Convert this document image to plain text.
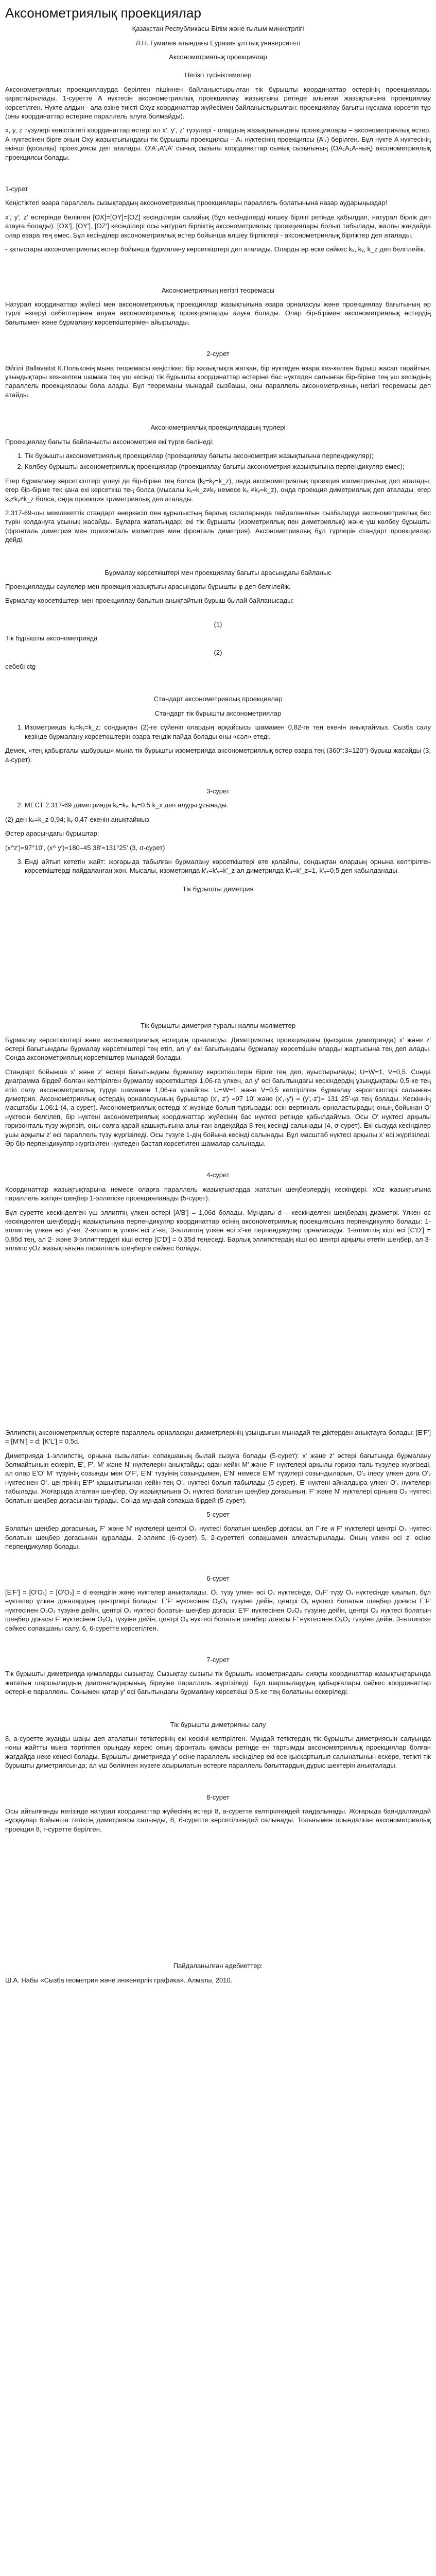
Аксонометриялық проекциялар

Қазақстан Республикасы Білім және ғылым министрлігі

Л.Н. Гумилев атындағы Еуразия ұлттық университеті

Аксонометриялық проекциялар

Негізгі түсініктемелер

Аксонометриялық проекциялаурда берілген пішіннен байланыстырылған тік бұрышты координаттар өстерінің проекциялары қарастырылады. 1-суретте A нүктесін аксонометриялық проекциялау жазықтығы ретінде алынған жазықтығына проекциялау көрсетілген. Нүкте алдын - ала өзіне тиісті Oxyz координаттар жүйесімен байланыстырылған: проекциялау бағыты нұсқама көрсетіп тұр (оны координаттар өстеріне параллель алуға болмайды).

x, y, z түзулері кеңістіктегі координаттар өстері ал x', y', z' түзулері - олардың жазықтығындағы проекциялары – аксонометриялық өстер. A нүктесінен бірге оның Oxy жазықтығындағы тік бұрышты проекциясы – A₁ нүктесінің проекциясы (A'₁) берілген. Бұл нүкте A нүктесінің екінші (қосалқы) проекциясы деп аталады. O'A'₁A'₁A' сынық сызығы координаттар сынық сызығының (OA₁A₁A-ның) аксонометриялық проекциясы болады.

1-сурет

Кеңістіктегі өзара параллель сызықтардың аксонометриялық проекциялары параллель болатынына назар аударыңыздар!

x', y', z' өстерінде бөлінген [OX]=[OY]=[OZ] кесінділерін салайық (бұл кесінділерді өлшеу бірлігі ретінде қабылдап, натурал бірлік деп атауға болады). [OX'], [OY'], [OZ'] кесінділері осы натурал бірліктің аксонометриялық проекциялары болып табылады, жалпы жағдайда олар өзара тең емес. Бұл кесінділер аксонометриялық өстер бойынша өлшеу бірліктері - аксонометриялық бірліктер деп аталады.

- қатыстары аксонометриялық өстер бойынша бұрмалану көрсеткіштері деп аталады. Оларды әр өске сәйкес kₓ, kᵧ, k_z деп белгілейік.

Аксонометрияның негізгі теоремасы

Натурал координаттар жүйесі мен аксонометриялық проекциялар жазықтығына өзара орналасуы және проекциялау бағытының әр түрлі өзгеруі себептерінен алуан аксонометриялық проекцияларды алуға болады. Олар бір-бірімен аксонометриялық өстердің бағытымен және бұрмалану көрсеткіштерімен айырылады.

2-сурет

Әйгілі Ballavaitst К.Польконің мына теоремасы кеңістікке: бір жазықтықта жатқан, бір нүктеден өзара кез-келген бұрыш жасап тарайтын, ұзындықтары кез-келген шамаға тең үш кесінді тік бұрышты координаттар өстеріне бас нүктеден салынған бір-біріне тең үш кесіндінің параллель проекциялары бола алады. Бұл теореманы мынадай сызбашы, оны параллель аксонометрияның негізгі теоремасы деп атайды.

Аксонометриялық проекциялардың түрлері

Проекциялау бағыты байланысты аксонометрия екі түрге бөлінеді:

1. Тік бұрышты аксонометриялық проекциялар (проекциялау бағыты аксонометрия жазықтығына перпендикуляр);
2. Көлбеу бұрышты аксонометриялық проекциялар (проекциялау бағыты аксонометрия жазықтығына перпендикуляр емес);

Егер бұрмалану көрсеткіштері үшеуі де бір-біріне тең болса (kₓ=kᵧ=k_z), онда аксонометриялық проекция изометриялық деп аталады; егер бір-біріне тек қана екі көрсеткіш тең болса (мысалы kₓ=k_z≠kᵧ немесе kₓ ≠kᵧ=k_z), онда проекция диметриялық деп аталады, егер kₓ≠kᵧ≠k_z болса, онда проекция триметриялық деп аталады.

2.317-69-шы мемлекеттік стандарт өнеркәсіп пен құрылыстың барлық салаларында пайдаланатын сызбаларда аксонометриялық бес түрін қолдануға ұсынық жасайды. Бұларға жататындар: екі тік бұрышты (изометриялық пен диметриялық) және үш көлбеу бұрышты (фронталь диметрия мен горизонталь изометрия мен фронталь диметрия). Аксонометриялық бұл түрлерін стандарт проекциялар дейді.

Бұрмалау көрсеткіштері мен проекциялау бағыты арасындағы байланыс

Проекциялауды сәулелер мен проекция жазықтығы арасындағы бұрышты φ деп белгілейік.

Бұрмалау көрсеткіштері мен проекциялау бағытын анықтайтын бұрыш былай байланысады:

(1)

Тік бұрышты аксонометрияда

(2)

себебі ctg

Стандарт аксонометриялық проекциялар
Стандарт тік бұрышты аксонометриялар
1. Изометрияда kₓ=kᵧ=k_z; сондықтан (2)-ге сүйеніп олардың әрқайсысы шамамен 0,82-ге тең екенін анықтаймыз. Сызба салу кезінде бұрмалану көрсеткіштерін өзара теңдік пайда болады оны «сәл» етеді.

Демек, «тең қабырғалы ұшбұрыш» мына тік бұрышты изометрияда аксонометриялық өстер өзара тең (360°:3=120°) бұрыш жасайды (3, а-сурет).

3-сурет

2. МЕСТ 2.317-69 диметрияда kₓ=kᵧ, kᵧ=0.5 k_x деп алуды ұсынады.

(2)-ден kₓ=k_z 0,94; kᵧ 0,47-екенін анықтаймыз.

Өстер арасындағы бұрыштар:

(x^z')=97°10', (x^ y')=180–45 38'=131°25' (3, σ-сурет)

3. Енді айтып кететін жайт: жоғарыда табылған бұрмалану көрсеткіштері өте қолайлы, сондықтан олардың орнына келтірілген көрсеткіштерді пайдаланған жөн. Мысалы, изометрияда k'ₓ=k'ᵧ=k'_z ал диметрияда k'ₓ=k'_z=1, k'ᵧ=0,5 деп қабылданады.
Тік бұрышты диметрия
Тік бұрышты диметрия туралы жалпы мәліметтер

Бұрмалау көрсеткіштері және аксонометриялық өстердің орналасуы. Диметриялық проекциядағы (қысқаша диметрияда) x' және z' өстері бағытындағы бұрмалау көрсеткіштері тең етіп, ал y' екі бағытындағы бұрмалау көрсеткішін оларды жартысына тең деп алады. Сонда аксонометриялық көрсеткіштер мынадай болады.

Стандарт бойынша x' және z' өстері бағытындағы бұрмалау көрсеткіштерін біріге тең деп, ауыстырылады; U=W=1, V=0,5. Сонда диаграмма бірдей болған келтірілген бұрмалау көрсеткіштері 1,06-ға үлкен, ал y' өсі бағытындағы кескіндердің ұзындықтары 0,5-ке тең етіп салу аксонометриялық түрде шамамен 1,06-ға үлкейген. U=W=1 және V=0,5 келтірілген бұрмалау көрсеткіштері салынған диметрия. Аксонометриялық өстердің орналасуының бұрыштар (x', z') =97 10' және (x',-y') = (y',-z')= 131 25'-қа тең болады. Кескіннің масштабы 1.06:1 (4, а-сурет). Аксонометриялық өстерді x' жүзінде болып тұрғызады: өсін вертикаль орналастырады; оның бойынан O' нүктесін белгілеп, бір нүктені аксонометриялық координаттар жүйесінің бас нүктесі ретінде қабылдаймыз. Осы O' нүктесі арқылы горизонталь түзу жүргізіп, оны солға қарай қашықтығына алынған әлдеқайда 8 тең кесінді салынады (4, σ-сурет). Екі сызуда кесінділер ұшы арқылы z' өсі параллель түзу жүргізіледі. Осы түзуге 1-дің бойына кесінді салынады. Бұл масштаб нүктесі арқылы x' өсі жүргізіледі. Әр бір перпендикуляр жүргізілген нүктеден бастап көрсетілген шамалар салынады.

4-сурет

Координаттар жазықтықтарына немесе оларға параллель жазықтықтарда жататын шеңберлердің кескіндері. xOz жазықтығына параллель жатқан шеңбер 1-эллипске проекцияланады (5-сурет).

Бұл суретте кескінделген үш эллиптің үлкен өстері [A'B'] = 1,06d болады. Мұндағы d – кескінделген шеңбердің диаметрі. Үлкен өс кескінделген шеңбердің жазықтығына перпендикуляр координаттар өсінің аксонометриялық проекциясына перпендикуляр болады: 1-эллиптің үлкен өсі y'-ке, 2-эллиптің үлкен өсі z'-ке, 3-эллиптің үлкен өсі x'-ке перпендикуляр орналасады. 1-эллиптің кіші өсі [C'D'] = 0,95d тең, ал 2- және 3-эллиптердегі кіші өстер [C'D'] = 0,35d теңеседі. Барлық эллипстердің кіші өсі центрі арқылы өтетін шеңбер, ал 3-эллипс yOz жазықтығына параллель шеңберге сәйкес болады.

Эллипстің аксонометриялық өстерге параллель орналасқан диаметрлерінің ұзындығын мынадай теңдіктерден анықтауға болады: [E'F'] = [M'N'] = d; [K'L'] = 0,5d.

Диметрияда 1-эллипстің, орнына сызылатын сопақшаның былай сызуға болады (5-сурет): x' және z' өстері бағытында бұрмалану болмайтынын ескеріп, E', F', M' және N' нүктелерін анықтайды; одан кейін M' және F' нүктелері арқылы горизонталь түзулер жүргізеді, ал олар E'O' M' түзуінің созынды мен O'F', E'N' түзуінің созындымен, E'N' немесе E'M' түзулері созындыларын, O'₂ ілесу үлкен доға O'₂ нүктесінен O'₁ центрінің E'P' қашықтығынан кейін тең O'₁ нүктесі болып табылады (5-сурет). E' нүктені айналдыра үлкен O'₁ нүктелері табылады. Жоғарыда аталған шеңбер, Оу жазықтығына O₁ нүктесі болатын шеңбер доғасының, F' және N' нүктелері орнына O₂ нүктесі болатын шеңбер доғасынан тұрады. Сонда мұндай сопақша бірдей (5-сурет).

5-сурет

Болатын шеңбер доғасының, F' және N' нүктелері центрі O₂ нүктесі болатын шеңбер доғасы, ал Г-ге и F' нүктелері центрі O₃ нүктесі болатын шеңбер доғасынан құралады. 2-эллипс (6-сурет) 5, 2-суреттегі сопақшамен алмастырылады. Оның үлкен өсі z' өсіне перпендикуляр болады.

6-сурет

[E'F'] = [O'O₁] = [O'O₂] = d екендігін және нүктелер анықталады. O₁ түзу үлкен өсі O₁ нүктесінде, O₁F' түзу O₁ нүктесінде қиылып, бұл нүктелер үлкен доғалардың центрлері болады: E'F' нүктесінен O₂O₁ түзуіне дейін, центрі O₁ нүктесі болатын шеңбер доғасы E'F' нүктесінен O₂O₁ түзуіне дейін, центрі O₁ нүктесі болатын шеңбер доғасы; E'F' нүктесінен O₂O₂ түзуіне дейін, центрі O₂ нүктесі болатын шеңбер доғасы F' нүктесінен O₂O₁ түзуіне дейін, центрі O₃ нүктесі болатын шеңбер доғасы F' нүктесінен O₃O₁ түзуіне дейін. 3-эллипске сәйкес сопақшаны салу. 6, 6-суретте көрсетілген.

7-сурет

Тік бұрышты диметрияда қималарды сызықтау. Сызықтау сызығы тік бұрышты изометриядағы сияқты координаттар жазықтықтарында жататын шаршылардың диагональдарының біреуіне параллель жүргізіледі. Бұл шаршылардың қабырғалары сәйкес координаттар өстеріне параллель. Сонымен қатар y' өсі бағытындағы бұрмалану көрсеткіші 0,5-ке тең болатыны ескеріледі.

Тік бұрышты диметрияны салу

8, а-суретте жуанды шаңы деп аталатын тетіктерінің екі кескіні келтірілген. Мұндай тетіктердің тік бұрышты диметриясын салуында ноны жайтты мына тәртіппен орындау керек: оның фронталь қимасы ретінде ен тартымды аксонометриялық проекциялар болған жағдайда неке кеңесі болады. Бұрышты диметрияда y' өсіне параллель кесінділер екі есе қысқартылып салынатынын ескере, тетікті тік бұрышты диметриясында; ал үш бөлімнен жүзеге асырылатын өстерге параллель бағыттардың дұрыс шектерін анықталады.

8-сурет

Осы айтылғанды негізінде натурал координаттар жүйесінің өстері 8, а-суретте көлтірілгендей таңдалынады. Жоғарыда баяндалғандай нұсқаулар бойынша тетіктің диметриясы салынды, 8, б-суретте көрсетілгендей салынады. Толығымен орындалған аксонометриялық проекция 8, г-суретте берілген.

Пайдаланылған әдебиеттер:

Ш.А. Набы «Сызба геометрия және инженерлік графика». Алматы, 2010.
